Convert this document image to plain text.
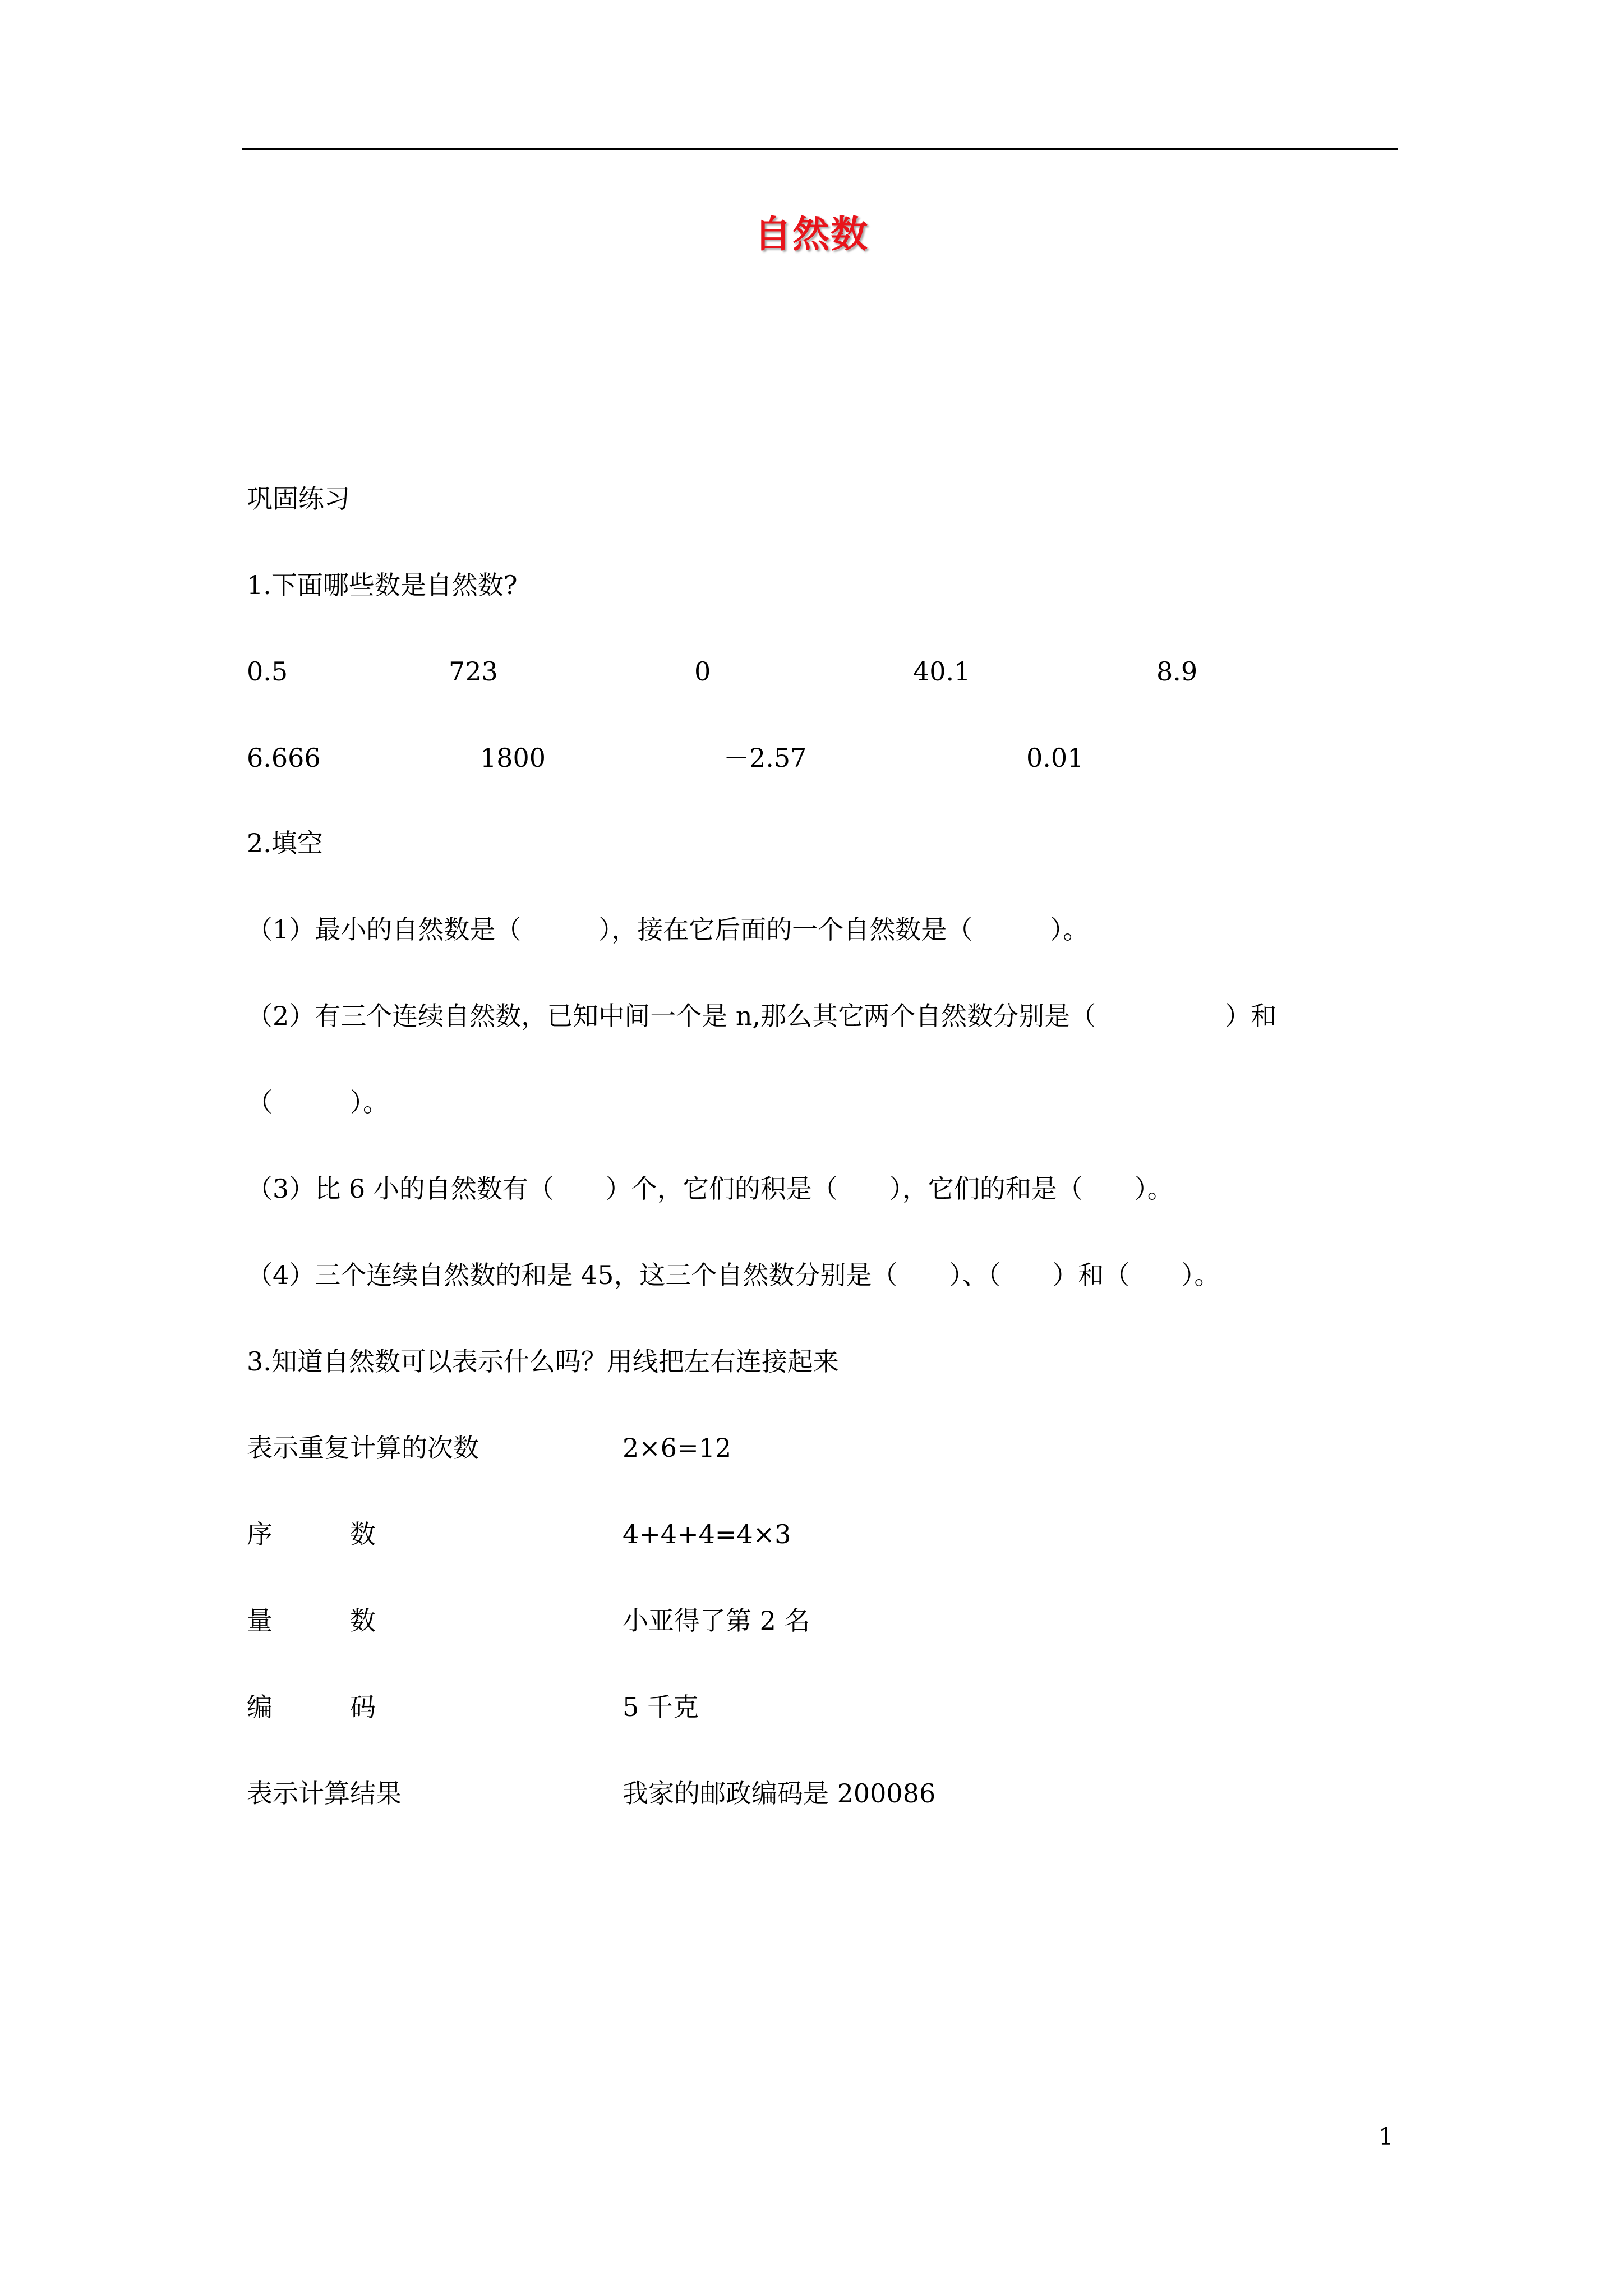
自然数
巩固练习
1.下面哪些数是自然数?
0.5	723	0	40.1	8.9
6.666	1800	－2.57	0.01
2.填空
（1）最小的自然数是（　　　），接在它后面的一个自然数是（　　　）。
（2）有三个连续自然数，已知中间一个是 n,那么其它两个自然数分别是（　　　　　）和
（　　　）。
（3）比 6 小的自然数有（　　）个，它们的积是（　　），它们的和是（　　）。
（4）三个连续自然数的和是 45，这三个自然数分别是（　　）、（　　）和（　　）。
3.知道自然数可以表示什么吗？用线把左右连接起来
表示重复计算的次数	2×6=12
序　　　数	4+4+4=4×3
量　　　数	小亚得了第 2 名
编　　　码	5 千克
表示计算结果	我家的邮政编码是 200086
1
